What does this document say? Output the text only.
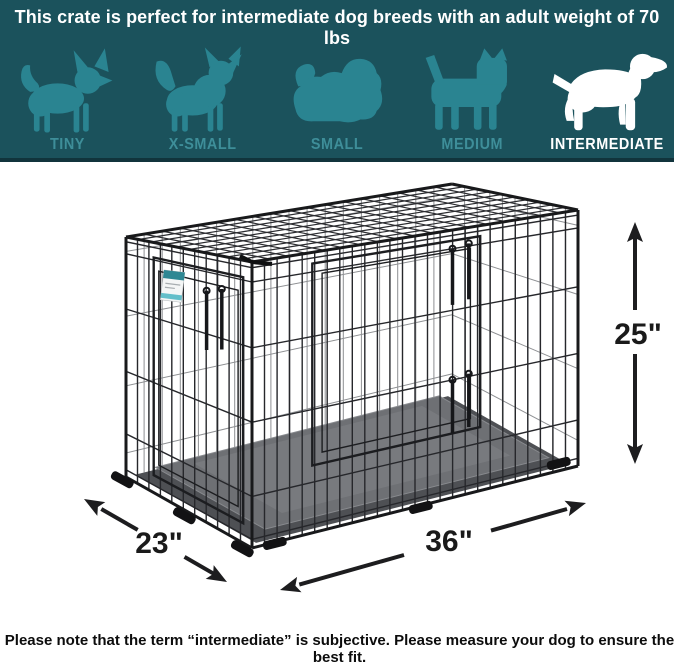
This crate is perfect for intermediate dog breeds with an adult weight of 70 lbs
TINY	X-SMALL	SMALL	MEDIUM	INTERMEDIATE
25"
23"	36"
Please note that the term “intermediate” is subjective. Please measure your dog to ensure the best fit.
